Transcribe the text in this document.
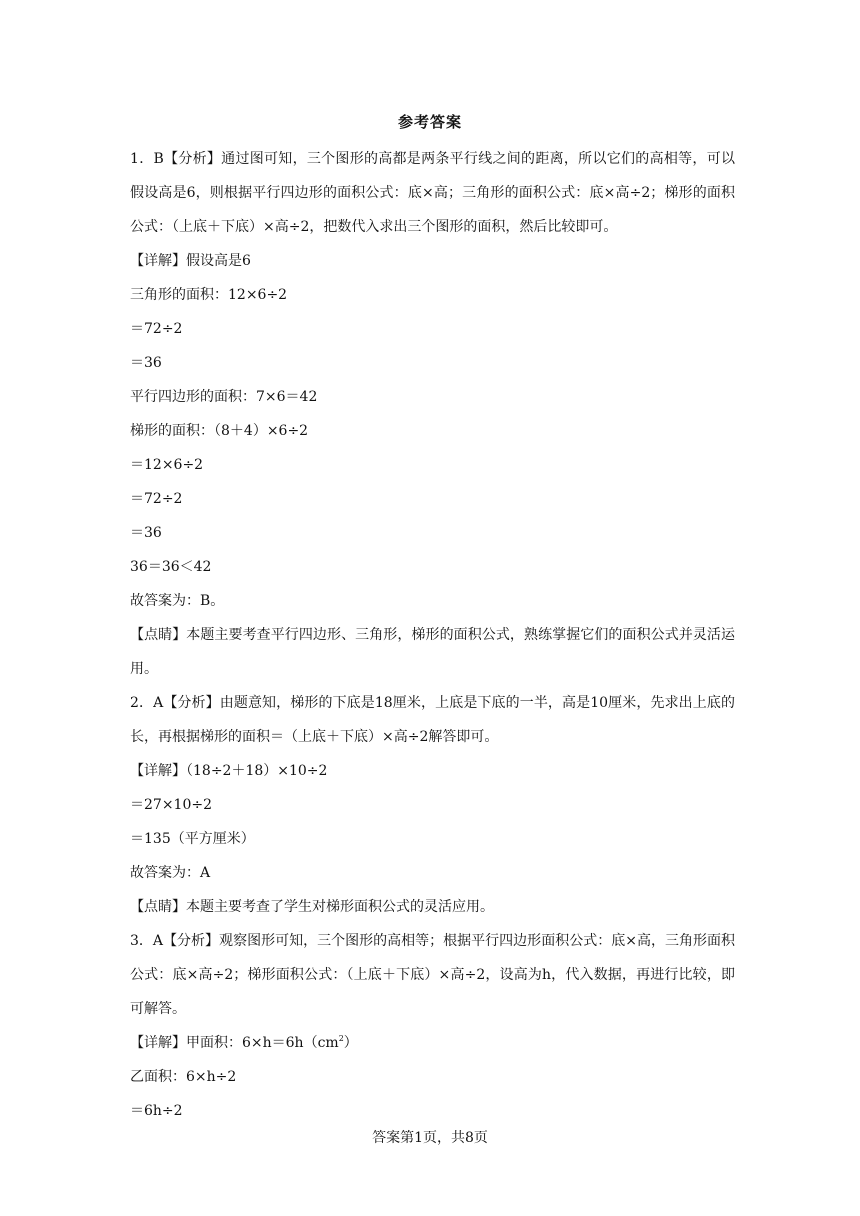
参考答案
1．B【分析】通过图可知，三个图形的高都是两条平行线之间的距离，所以它们的高相等，可以假设高是6，则根据平行四边形的面积公式：底×高；三角形的面积公式：底×高÷2；梯形的面积公式：（上底＋下底）×高÷2，把数代入求出三个图形的面积，然后比较即可。
【详解】假设高是6
三角形的面积：12×6÷2
＝72÷2
＝36
平行四边形的面积：7×6＝42
梯形的面积：（8＋4）×6÷2
＝12×6÷2
＝72÷2
＝36
36＝36＜42
故答案为：B。
【点睛】本题主要考查平行四边形、三角形，梯形的面积公式，熟练掌握它们的面积公式并灵活运用。
2．A【分析】由题意知，梯形的下底是18厘米，上底是下底的一半，高是10厘米，先求出上底的长，再根据梯形的面积＝（上底＋下底）×高÷2解答即可。
【详解】（18÷2＋18）×10÷2
＝27×10÷2
＝135（平方厘米）
故答案为：A
【点睛】本题主要考查了学生对梯形面积公式的灵活应用。
3．A【分析】观察图形可知，三个图形的高相等；根据平行四边形面积公式：底×高，三角形面积公式：底×高÷2；梯形面积公式：（上底＋下底）×高÷2，设高为h，代入数据，再进行比较，即可解答。
【详解】甲面积：$6\times h=6h(cm^2)$
乙面积：6×h÷2
＝6h÷2
答案第1页，共8页
